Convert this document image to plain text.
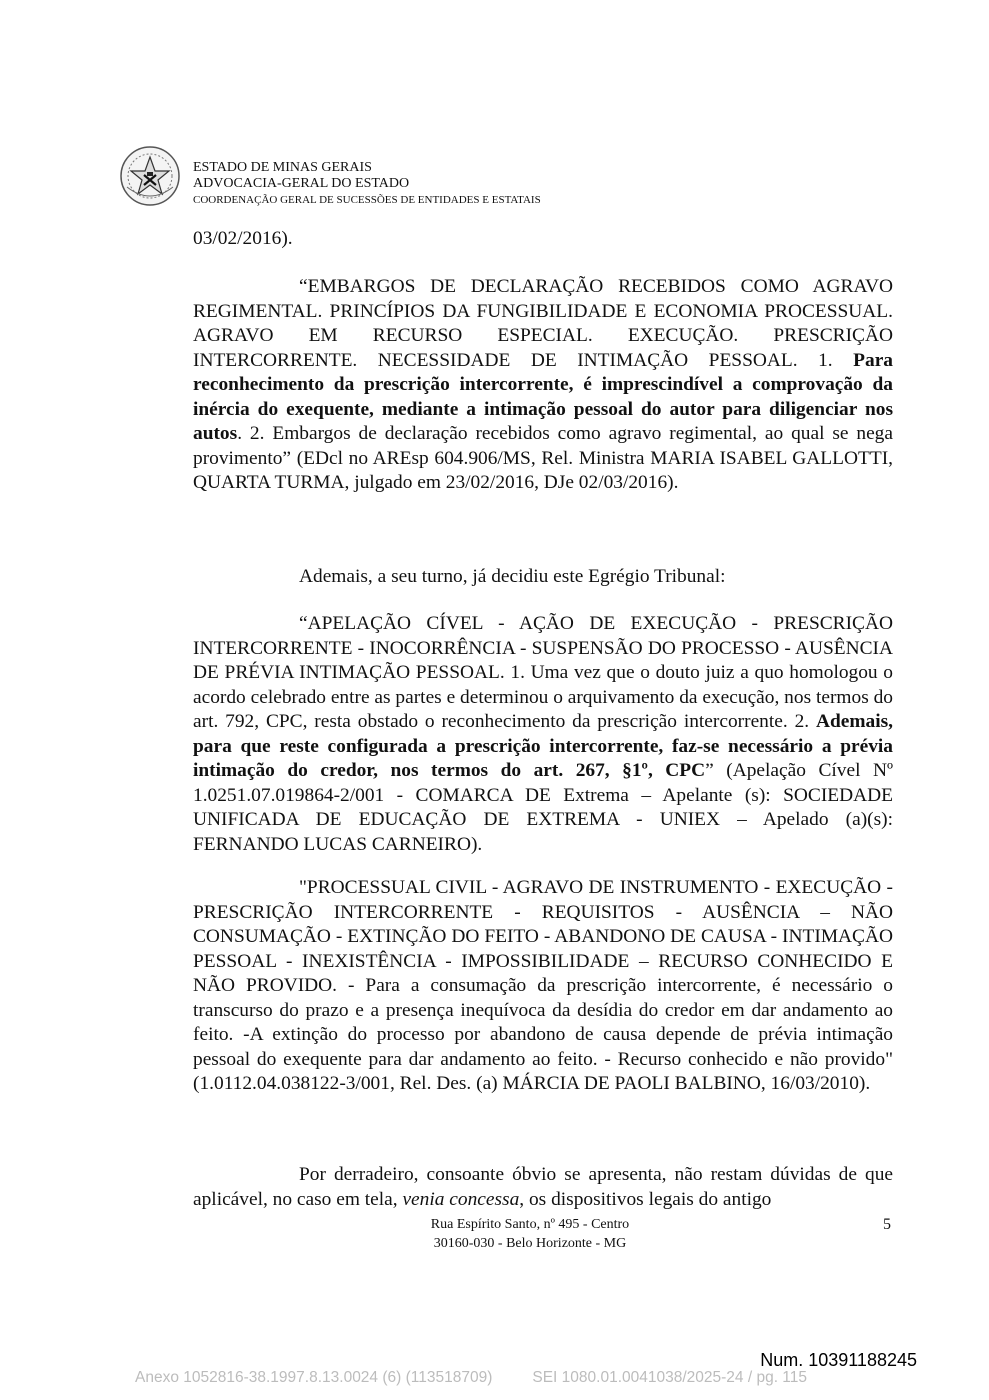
ESTADO DE MINAS GERAIS
ADVOCACIA-GERAL DO ESTADO
COORDENAÇÃO GERAL DE SUCESSÕES DE ENTIDADES E ESTATAIS

03/02/2016).

“EMBARGOS DE DECLARAÇÃO RECEBIDOS COMO AGRAVO REGIMENTAL. PRINCÍPIOS DA FUNGIBILIDADE E ECONOMIA PROCESSUAL. AGRAVO EM RECURSO ESPECIAL. EXECUÇÃO. PRESCRIÇÃO INTERCORRENTE. NECESSIDADE DE INTIMAÇÃO PESSOAL. 1. Para reconhecimento da prescrição intercorrente, é imprescindível a comprovação da inércia do exequente, mediante a intimação pessoal do autor para diligenciar nos autos. 2. Embargos de declaração recebidos como agravo regimental, ao qual se nega provimento” (EDcl no AREsp 604.906/MS, Rel. Ministra MARIA ISABEL GALLOTTI, QUARTA TURMA, julgado em 23/02/2016, DJe 02/03/2016).

Ademais, a seu turno, já decidiu este Egrégio Tribunal:

“APELAÇÃO CÍVEL - AÇÃO DE EXECUÇÃO - PRESCRIÇÃO INTERCORRENTE - INOCORRÊNCIA - SUSPENSÃO DO PROCESSO - AUSÊNCIA DE PRÉVIA INTIMAÇÃO PESSOAL. 1. Uma vez que o douto juiz a quo homologou o acordo celebrado entre as partes e determinou o arquivamento da execução, nos termos do art. 792, CPC, resta obstado o reconhecimento da prescrição intercorrente. 2. Ademais, para que reste configurada a prescrição intercorrente, faz-se necessário a prévia intimação do credor, nos termos do art. 267, §1º, CPC” (Apelação Cível Nº 1.0251.07.019864-2/001 - COMARCA DE Extrema – Apelante (s): SOCIEDADE UNIFICADA DE EDUCAÇÃO DE EXTREMA - UNIEX – Apelado (a)(s): FERNANDO LUCAS CARNEIRO).

"PROCESSUAL CIVIL - AGRAVO DE INSTRUMENTO - EXECUÇÃO - PRESCRIÇÃO INTERCORRENTE - REQUISITOS - AUSÊNCIA – NÃO CONSUMAÇÃO - EXTINÇÃO DO FEITO - ABANDONO DE CAUSA - INTIMAÇÃO PESSOAL - INEXISTÊNCIA - IMPOSSIBILIDADE – RECURSO CONHECIDO E NÃO PROVIDO. - Para a consumação da prescrição intercorrente, é necessário o transcurso do prazo e a presença inequívoca da desídia do credor em dar andamento ao feito. -A extinção do processo por abandono de causa depende de prévia intimação pessoal do exequente para dar andamento ao feito. - Recurso conhecido e não provido" (1.0112.04.038122-3/001, Rel. Des. (a) MÁRCIA DE PAOLI BALBINO, 16/03/2010).

Por derradeiro, consoante óbvio se apresenta, não restam dúvidas de que aplicável, no caso em tela, venia concessa, os dispositivos legais do antigo

Rua Espírito Santo, nº 495 - Centro
30160-030 - Belo Horizonte - MG
5
Num. 10391188245
Anexo 1052816-38.1997.8.13.0024 (6) (113518709)	SEI 1080.01.0041038/2025-24 / pg. 115
